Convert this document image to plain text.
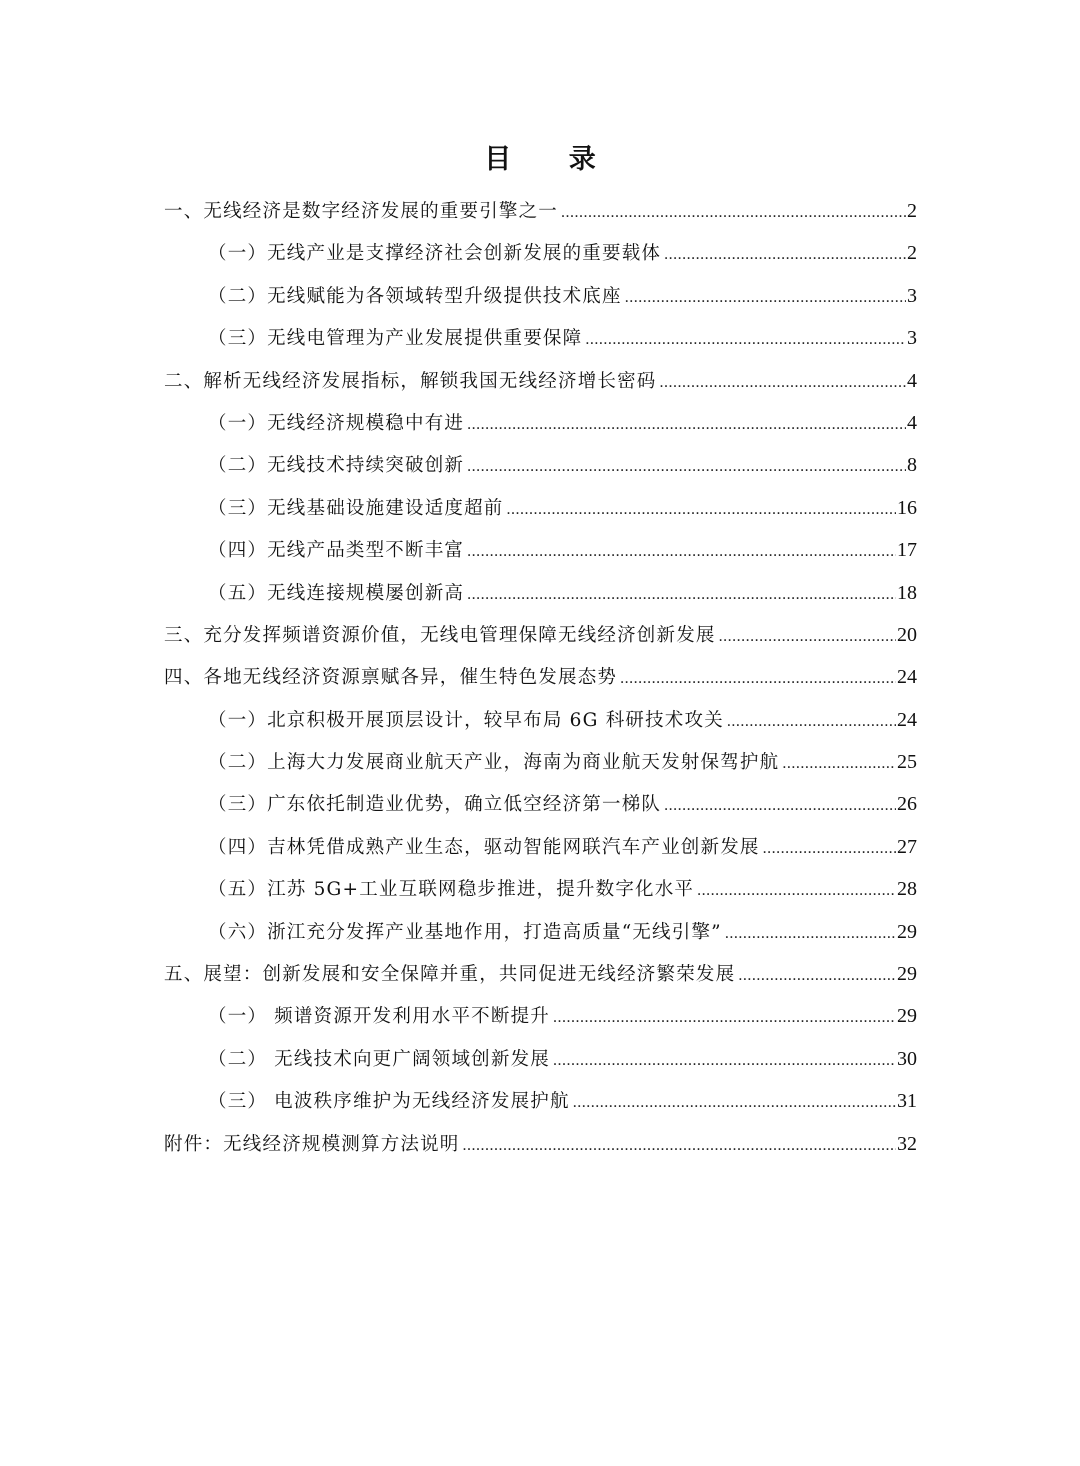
目 录
一、无线经济是数字经济发展的重要引擎之一 .....	2
（一）无线产业是支撑经济社会创新发展的重要载体 .....	2
（二）无线赋能为各领域转型升级提供技术底座 .....	3
（三）无线电管理为产业发展提供重要保障 .....	3
二、解析无线经济发展指标，解锁我国无线经济增长密码 .....	4
（一）无线经济规模稳中有进 .....	4
（二）无线技术持续突破创新 .....	8
（三）无线基础设施建设适度超前 .....	16
（四）无线产品类型不断丰富 .....	17
（五）无线连接规模屡创新高 .....	18
三、充分发挥频谱资源价值，无线电管理保障无线经济创新发展 .....	20
四、各地无线经济资源禀赋各异，催生特色发展态势 .....	24
（一）北京积极开展顶层设计，较早布局 6G 科研技术攻关 .....	24
（二）上海大力发展商业航天产业，海南为商业航天发射保驾护航 .....	25
（三）广东依托制造业优势，确立低空经济第一梯队 .....	26
（四）吉林凭借成熟产业生态，驱动智能网联汽车产业创新发展 .....	27
（五）江苏 5G+工业互联网稳步推进，提升数字化水平 .....	28
（六）浙江充分发挥产业基地作用，打造高质量“无线引擎” .....	29
五、展望：创新发展和安全保障并重，共同促进无线经济繁荣发展 .....	29
（一） 频谱资源开发利用水平不断提升 .....	29
（二） 无线技术向更广阔领域创新发展 .....	30
（三） 电波秩序维护为无线经济发展护航 .....	31
附件：无线经济规模测算方法说明 .....	32
